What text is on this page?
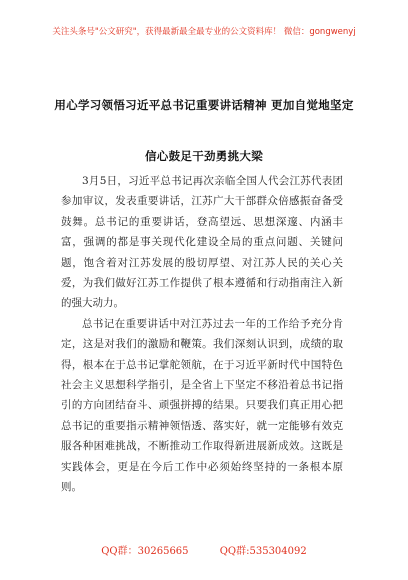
关注头条号"公文研究"，获得最新最全最专业的公文资料库！ 微信：gongwenyj
用心学习领悟习近平总书记重要讲话精神 更加自觉地坚定
信心鼓足干劲勇挑大梁

3月5日，习近平总书记再次亲临全国人代会江苏代表团参加审议，发表重要讲话，江苏广大干部群众倍感振奋备受鼓舞。总书记的重要讲话，登高望远、思想深邃、内涵丰富，强调的都是事关现代化建设全局的重点问题、关键问题，饱含着对江苏发展的殷切厚望、对江苏人民的关心关爱，为我们做好江苏工作提供了根本遵循和行动指南注入新的强大动力。

总书记在重要讲话中对江苏过去一年的工作给予充分肯定，这是对我们的激励和鞭策。我们深刻认识到，成绩的取得，根本在于总书记掌舵领航，在于习近平新时代中国特色社会主义思想科学指引，是全省上下坚定不移沿着总书记指引的方向团结奋斗、顽强拼搏的结果。只要我们真正用心把总书记的重要指示精神领悟透、落实好，就一定能够有效克服各种困难挑战，不断推动工作取得新进展新成效。这既是实践体会，更是在今后工作中必须始终坚持的一条根本原则。

QQ群：30265665	QQ群:535304092
